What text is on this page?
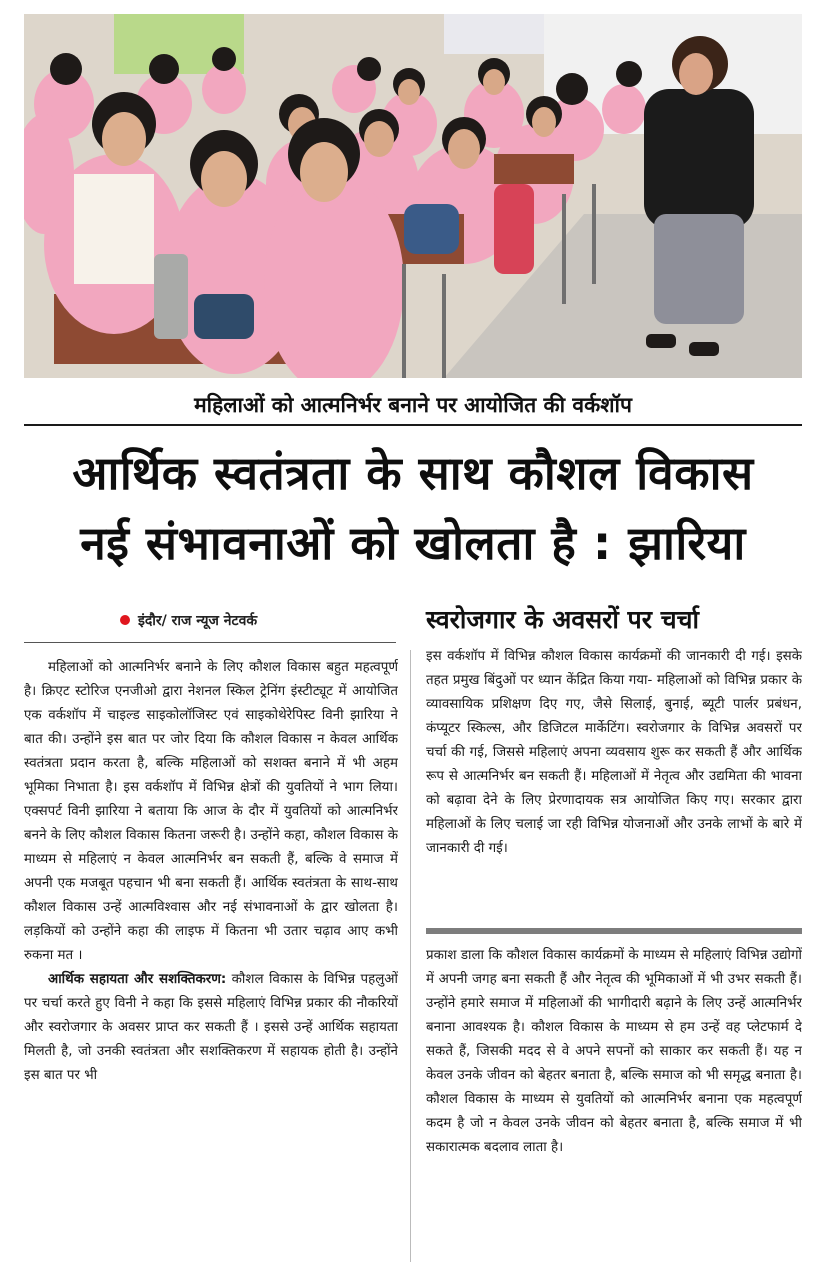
महिलाओं को आत्मनिर्भर बनाने पर आयोजित की वर्कशॉप
आर्थिक स्वतंत्रता के साथ कौशल विकास
नई संभावनाओं को खोलता है : झारिया
इंदौर/ राज न्यूज नेटवर्क

महिलाओं को आत्मनिर्भर बनाने के लिए कौशल विकास बहुत महत्वपूर्ण है। क्रिएट स्टोरिज एनजीओ द्वारा नेशनल स्किल ट्रेनिंग इंस्टीट्यूट में आयोजित एक वर्कशॉप में चाइल्ड साइकोलॉजिस्ट एवं साइकोथेरेपिस्ट विनी झारिया ने बात की। उन्होंने इस बात पर जोर दिया कि कौशल विकास न केवल आर्थिक स्वतंत्रता प्रदान करता है, बल्कि महिलाओं को सशक्त बनाने में भी अहम भूमिका निभाता है। इस वर्कशॉप में विभिन्न क्षेत्रों की युवतियों ने भाग लिया। एक्सपर्ट विनी झारिया ने बताया कि आज के दौर में युवतियों को आत्मनिर्भर बनने के लिए कौशल विकास कितना जरूरी है। उन्होंने कहा, कौशल विकास के माध्यम से महिलाएं न केवल आत्मनिर्भर बन सकती हैं, बल्कि वे समाज में अपनी एक मजबूत पहचान भी बना सकती हैं। आर्थिक स्वतंत्रता के साथ-साथ कौशल विकास उन्हें आत्मविश्वास और नई संभावनाओं के द्वार खोलता है। लड़कियों को उन्होंने कहा की लाइफ में कितना भी उतार चढ़ाव आए कभी रुकना मत ।

आर्थिक सहायता और सशक्तिकरण: कौशल विकास के विभिन्न पहलुओं पर चर्चा करते हुए विनी ने कहा कि इससे महिलाएं विभिन्न प्रकार की नौकरियों और स्वरोजगार के अवसर प्राप्त कर सकती हैं । इससे उन्हें आर्थिक सहायता मिलती है, जो उनकी स्वतंत्रता और सशक्तिकरण में सहायक होती है। उन्होंने इस बात पर भी

स्वरोजगार के अवसरों पर चर्चा

इस वर्कशॉप में विभिन्न कौशल विकास कार्यक्रमों की जानकारी दी गई। इसके तहत प्रमुख बिंदुओं पर ध्यान केंद्रित किया गया- महिलाओं को विभिन्न प्रकार के व्यावसायिक प्रशिक्षण दिए गए, जैसे सिलाई, बुनाई, ब्यूटी पार्लर प्रबंधन, कंप्यूटर स्किल्स, और डिजिटल मार्केटिंग। स्वरोजगार के विभिन्न अवसरों पर चर्चा की गई, जिससे महिलाएं अपना व्यवसाय शुरू कर सकती हैं और आर्थिक रूप से आत्मनिर्भर बन सकती हैं। महिलाओं में नेतृत्व और उद्यमिता की भावना को बढ़ावा देने के लिए प्रेरणादायक सत्र आयोजित किए गए। सरकार द्वारा महिलाओं के लिए चलाई जा रही विभिन्न योजनाओं और उनके लाभों के बारे में जानकारी दी गई।

प्रकाश डाला कि कौशल विकास कार्यक्रमों के माध्यम से महिलाएं विभिन्न उद्योगों में अपनी जगह बना सकती हैं और नेतृत्व की भूमिकाओं में भी उभर सकती हैं। उन्होंने हमारे समाज में महिलाओं की भागीदारी बढ़ाने के लिए उन्हें आत्मनिर्भर बनाना आवश्यक है। कौशल विकास के माध्यम से हम उन्हें वह प्लेटफार्म दे सकते हैं, जिसकी मदद से वे अपने सपनों को साकार कर सकती हैं। यह न केवल उनके जीवन को बेहतर बनाता है, बल्कि समाज को भी समृद्ध बनाता है।कौशल विकास के माध्यम से युवतियों को आत्मनिर्भर बनाना एक महत्वपूर्ण कदम है जो न केवल उनके जीवन को बेहतर बनाता है, बल्कि समाज में भी सकारात्मक बदलाव लाता है।
